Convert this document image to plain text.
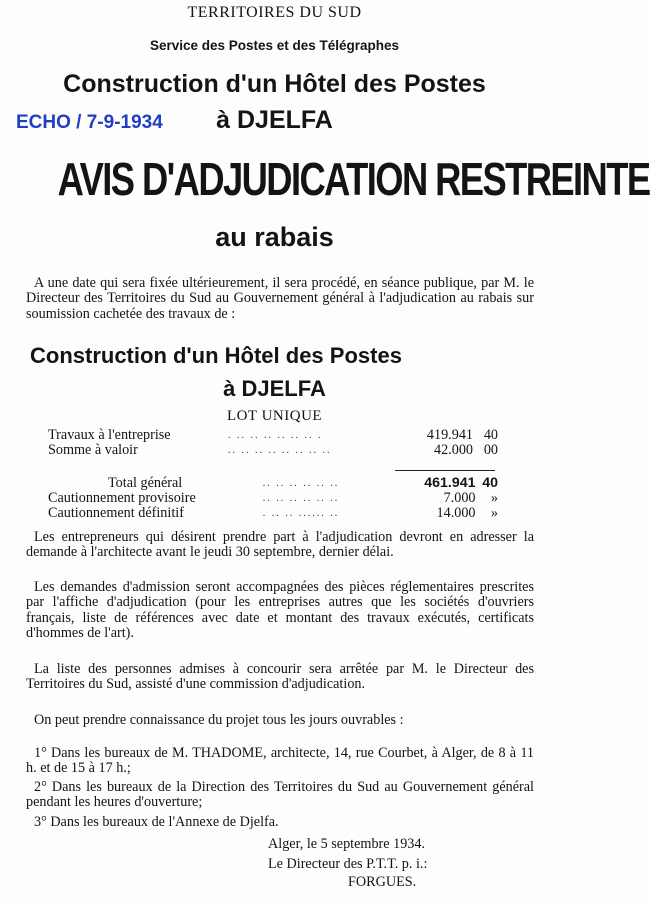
TERRITOIRES DU SUD
Service des Postes et des Télégraphes
Construction d'un Hôtel des Postes
à DJELFA
ECHO / 7-9-1934
AVIS D'ADJUDICATION RESTREINTE
au rabais
A une date qui sera fixée ultérieurement, il sera procédé, en séance publique, par M. le Directeur des Territoires du Sud au Gouvernement général à l'adjudication au rabais sur soumission cachetée des travaux de :
Construction d'un Hôtel des Postes
à DJELFA
LOT UNIQUE
Travaux à l'entreprise	. .. .. .. .. .. .. .	419.941	40
Somme à valoir	.. .. .. .. .. .. .. ..	42.000	00
Total général	.. .. .. .. .. ..	461.941	40
Cautionnement provisoire	.. .. .. .. .. ..	7.000	»
Cautionnement définitif	. .. .. ...... ..	14.000	»
Les entrepreneurs qui désirent prendre part à l'adjudication devront en adresser la demande à l'architecte avant le jeudi 30 septembre, dernier délai.
Les demandes d'admission seront accompagnées des pièces réglementaires prescrites par l'affiche d'adjudication (pour les entreprises autres que les sociétés d'ouvriers français, liste de références avec date et montant des travaux exécutés, certificats d'hommes de l'art).
La liste des personnes admises à concourir sera arrêtée par M. le Directeur des Territoires du Sud, assisté d'une commission d'adjudication.
On peut prendre connaissance du projet tous les jours ouvrables :
1° Dans les bureaux de M. THADOME, architecte, 14, rue Courbet, à Alger, de 8 à 11 h. et de 15 à 17 h.;
2° Dans les bureaux de la Direction des Territoires du Sud au Gouvernement général pendant les heures d'ouverture;
3° Dans les bureaux de l'Annexe de Djelfa.
Alger, le 5 septembre 1934.
Le Directeur des P.T.T. p. i.:
FORGUES.
